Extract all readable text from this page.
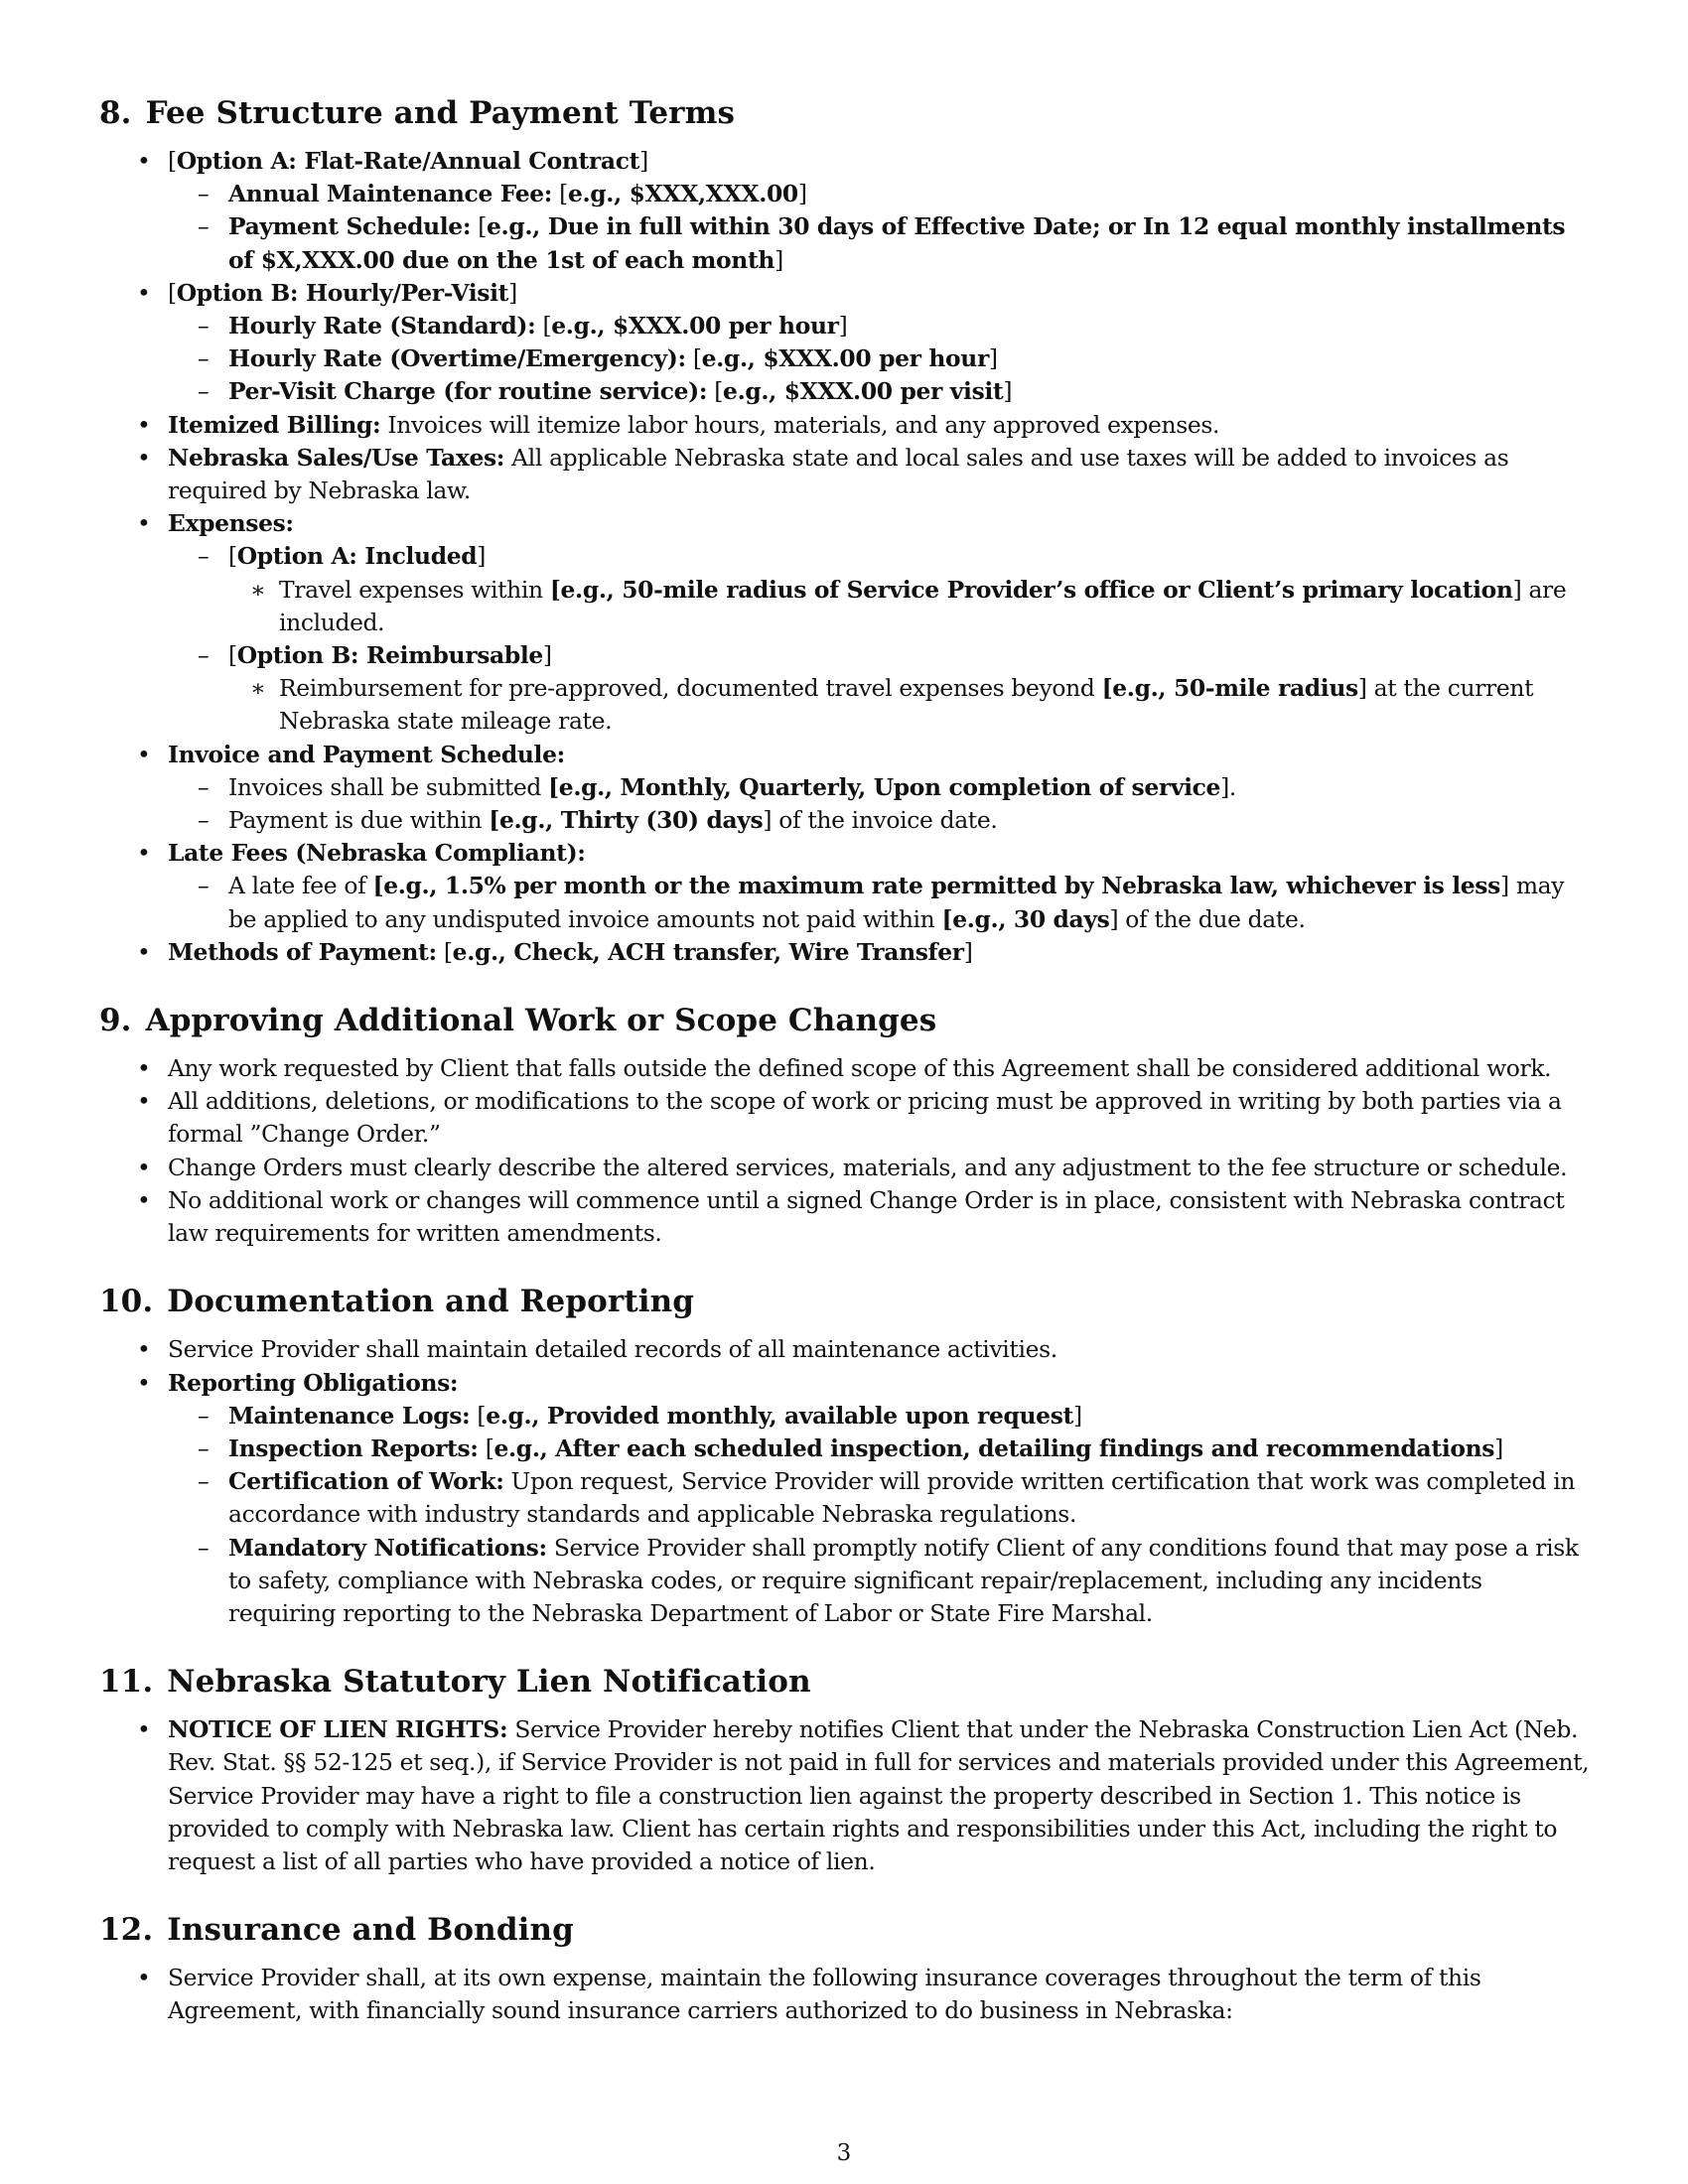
8. Fee Structure and Payment Terms
• [Option A: Flat-Rate/Annual Contract]
– Annual Maintenance Fee: [e.g., $XXX,XXX.00]
– Payment Schedule: [e.g., Due in full within 30 days of Effective Date; or In 12 equal monthly installments of $X,XXX.00 due on the 1st of each month]
• [Option B: Hourly/Per-Visit]
– Hourly Rate (Standard): [e.g., $XXX.00 per hour]
– Hourly Rate (Overtime/Emergency): [e.g., $XXX.00 per hour]
– Per-Visit Charge (for routine service): [e.g., $XXX.00 per visit]
• Itemized Billing: Invoices will itemize labor hours, materials, and any approved expenses.
• Nebraska Sales/Use Taxes: All applicable Nebraska state and local sales and use taxes will be added to invoices as required by Nebraska law.
• Expenses:
– [Option A: Included]
∗ Travel expenses within [e.g., 50-mile radius of Service Provider’s office or Client’s primary location] are included.
– [Option B: Reimbursable]
∗ Reimbursement for pre-approved, documented travel expenses beyond [e.g., 50-mile radius] at the current Nebraska state mileage rate.
• Invoice and Payment Schedule:
– Invoices shall be submitted [e.g., Monthly, Quarterly, Upon completion of service].
– Payment is due within [e.g., Thirty (30) days] of the invoice date.
• Late Fees (Nebraska Compliant):
– A late fee of [e.g., 1.5% per month or the maximum rate permitted by Nebraska law, whichever is less] may be applied to any undisputed invoice amounts not paid within [e.g., 30 days] of the due date.
• Methods of Payment: [e.g., Check, ACH transfer, Wire Transfer]
9. Approving Additional Work or Scope Changes
• Any work requested by Client that falls outside the defined scope of this Agreement shall be considered additional work.
• All additions, deletions, or modifications to the scope of work or pricing must be approved in writing by both parties via a formal ”Change Order.”
• Change Orders must clearly describe the altered services, materials, and any adjustment to the fee structure or schedule.
• No additional work or changes will commence until a signed Change Order is in place, consistent with Nebraska contract law requirements for written amendments.
10. Documentation and Reporting
• Service Provider shall maintain detailed records of all maintenance activities.
• Reporting Obligations:
– Maintenance Logs: [e.g., Provided monthly, available upon request]
– Inspection Reports: [e.g., After each scheduled inspection, detailing findings and recommendations]
– Certification of Work: Upon request, Service Provider will provide written certification that work was completed in accordance with industry standards and applicable Nebraska regulations.
– Mandatory Notifications: Service Provider shall promptly notify Client of any conditions found that may pose a risk to safety, compliance with Nebraska codes, or require significant repair/replacement, including any incidents requiring reporting to the Nebraska Department of Labor or State Fire Marshal.
11. Nebraska Statutory Lien Notification
• NOTICE OF LIEN RIGHTS: Service Provider hereby notifies Client that under the Nebraska Construction Lien Act (Neb. Rev. Stat. §§ 52-125 et seq.), if Service Provider is not paid in full for services and materials provided under this Agreement, Service Provider may have a right to file a construction lien against the property described in Section 1. This notice is provided to comply with Nebraska law. Client has certain rights and responsibilities under this Act, including the right to request a list of all parties who have provided a notice of lien.
12. Insurance and Bonding
• Service Provider shall, at its own expense, maintain the following insurance coverages throughout the term of this Agreement, with financially sound insurance carriers authorized to do business in Nebraska:
3
